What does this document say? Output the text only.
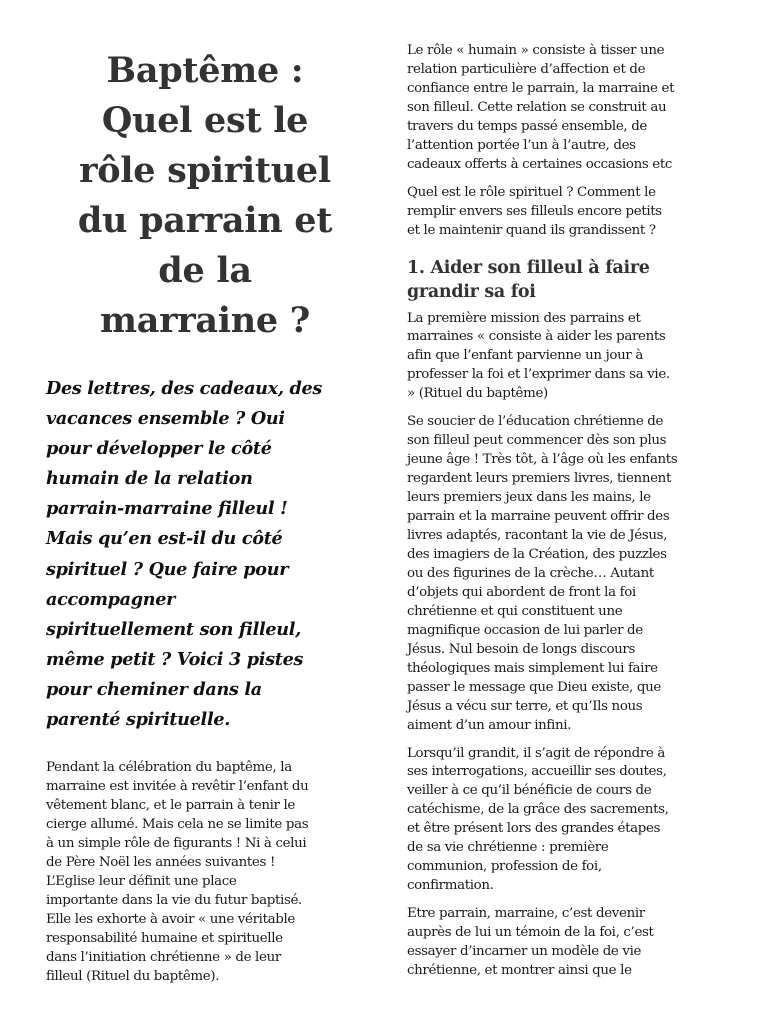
Baptême :
Quel est le
rôle spirituel
du parrain et
de la
marraine ?
Des lettres, des cadeaux, des
vacances ensemble ? Oui
pour développer le côté
humain de la relation
parrain-marraine filleul !
Mais qu’en est-il du côté
spirituel ? Que faire pour
accompagner
spirituellement son filleul,
même petit ? Voici 3 pistes
pour cheminer dans la
parenté spirituelle.
Pendant la célébration du baptême, la
marraine est invitée à revêtir l’enfant du
vêtement blanc, et le parrain à tenir le
cierge allumé. Mais cela ne se limite pas
à un simple rôle de figurants ! Ni à celui
de Père Noël les années suivantes !
L’Eglise leur définit une place
importante dans la vie du futur baptisé.
Elle les exhorte à avoir « une véritable
responsabilité humaine et spirituelle
dans l’initiation chrétienne » de leur
filleul (Rituel du baptême).
Le rôle « humain » consiste à tisser une
relation particulière d’affection et de
confiance entre le parrain, la marraine et
son filleul. Cette relation se construit au
travers du temps passé ensemble, de
l’attention portée l’un à l’autre, des
cadeaux offerts à certaines occasions etc
Quel est le rôle spirituel ? Comment le
remplir envers ses filleuls encore petits
et le maintenir quand ils grandissent ?
1. Aider son filleul à faire
grandir sa foi
La première mission des parrains et
marraines « consiste à aider les parents
afin que l’enfant parvienne un jour à
professer la foi et l’exprimer dans sa vie.
» (Rituel du baptême)
Se soucier de l’éducation chrétienne de
son filleul peut commencer dès son plus
jeune âge ! Très tôt, à l’âge où les enfants
regardent leurs premiers livres, tiennent
leurs premiers jeux dans les mains, le
parrain et la marraine peuvent offrir des
livres adaptés, racontant la vie de Jésus,
des imagiers de la Création, des puzzles
ou des figurines de la crèche… Autant
d’objets qui abordent de front la foi
chrétienne et qui constituent une
magnifique occasion de lui parler de
Jésus. Nul besoin de longs discours
théologiques mais simplement lui faire
passer le message que Dieu existe, que
Jésus a vécu sur terre, et qu’Ils nous
aiment d’un amour infini.
Lorsqu’il grandit, il s’agit de répondre à
ses interrogations, accueillir ses doutes,
veiller à ce qu’il bénéficie de cours de
catéchisme, de la grâce des sacrements,
et être présent lors des grandes étapes
de sa vie chrétienne : première
communion, profession de foi,
confirmation.
Etre parrain, marraine, c’est devenir
auprès de lui un témoin de la foi, c’est
essayer d’incarner un modèle de vie
chrétienne, et montrer ainsi que le
